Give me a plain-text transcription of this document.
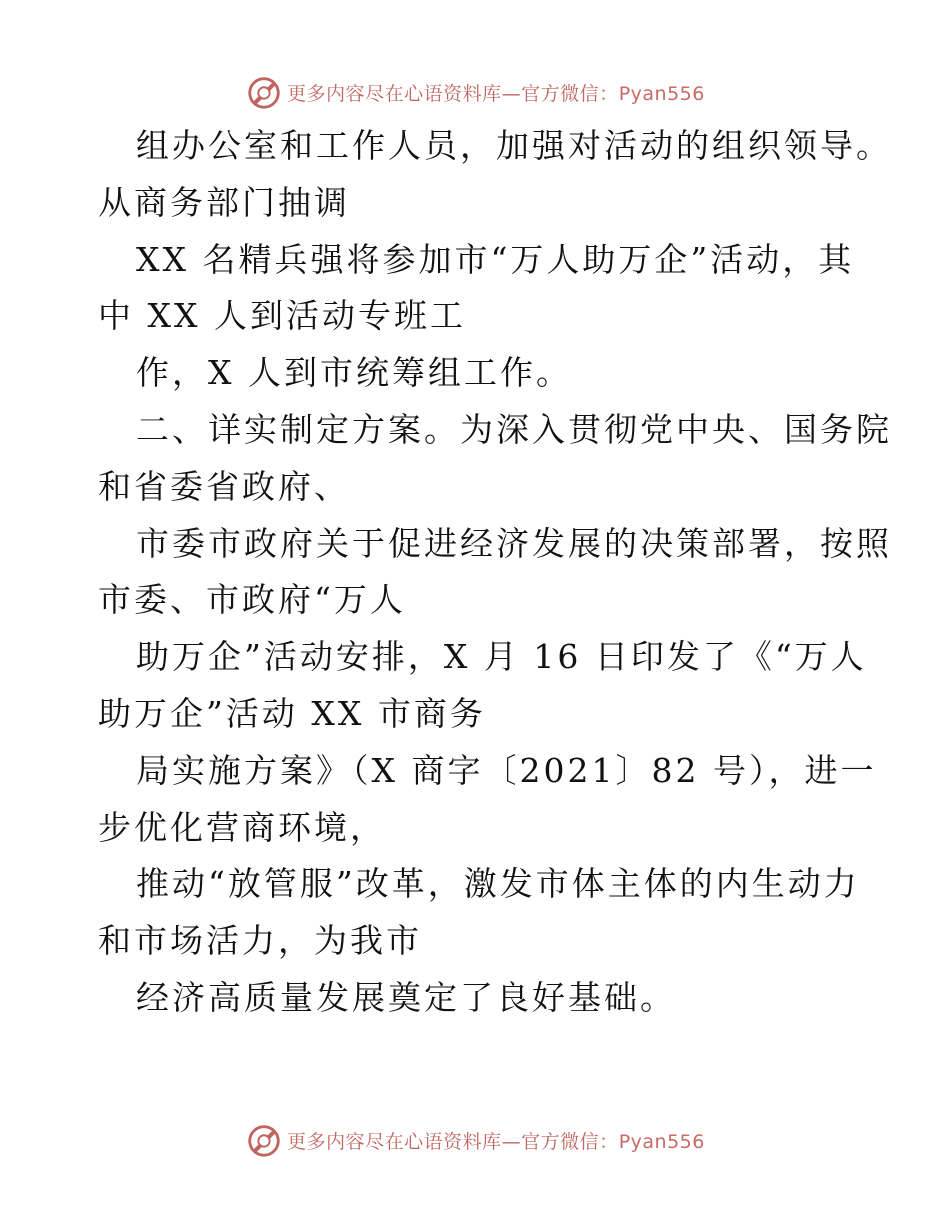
更多内容尽在心语资料库—官方微信：Pyan556
组办公室和工作人员，加强对活动的组织领导。
从商务部门抽调
XX 名精兵强将参加市“万人助万企”活动，其
中 XX 人到活动专班工
作，X 人到市统筹组工作。
二、详实制定方案。为深入贯彻党中央、国务院
和省委省政府、
市委市政府关于促进经济发展的决策部署，按照
市委、市政府“万人
助万企”活动安排，X 月 16 日印发了《“万人
助万企”活动 XX 市商务
局实施方案》（X 商字〔2021〕82 号），进一
步优化营商环境，
推动“放管服”改革，激发市体主体的内生动力
和市场活力，为我市
经济高质量发展奠定了良好基础。
更多内容尽在心语资料库—官方微信：Pyan556
